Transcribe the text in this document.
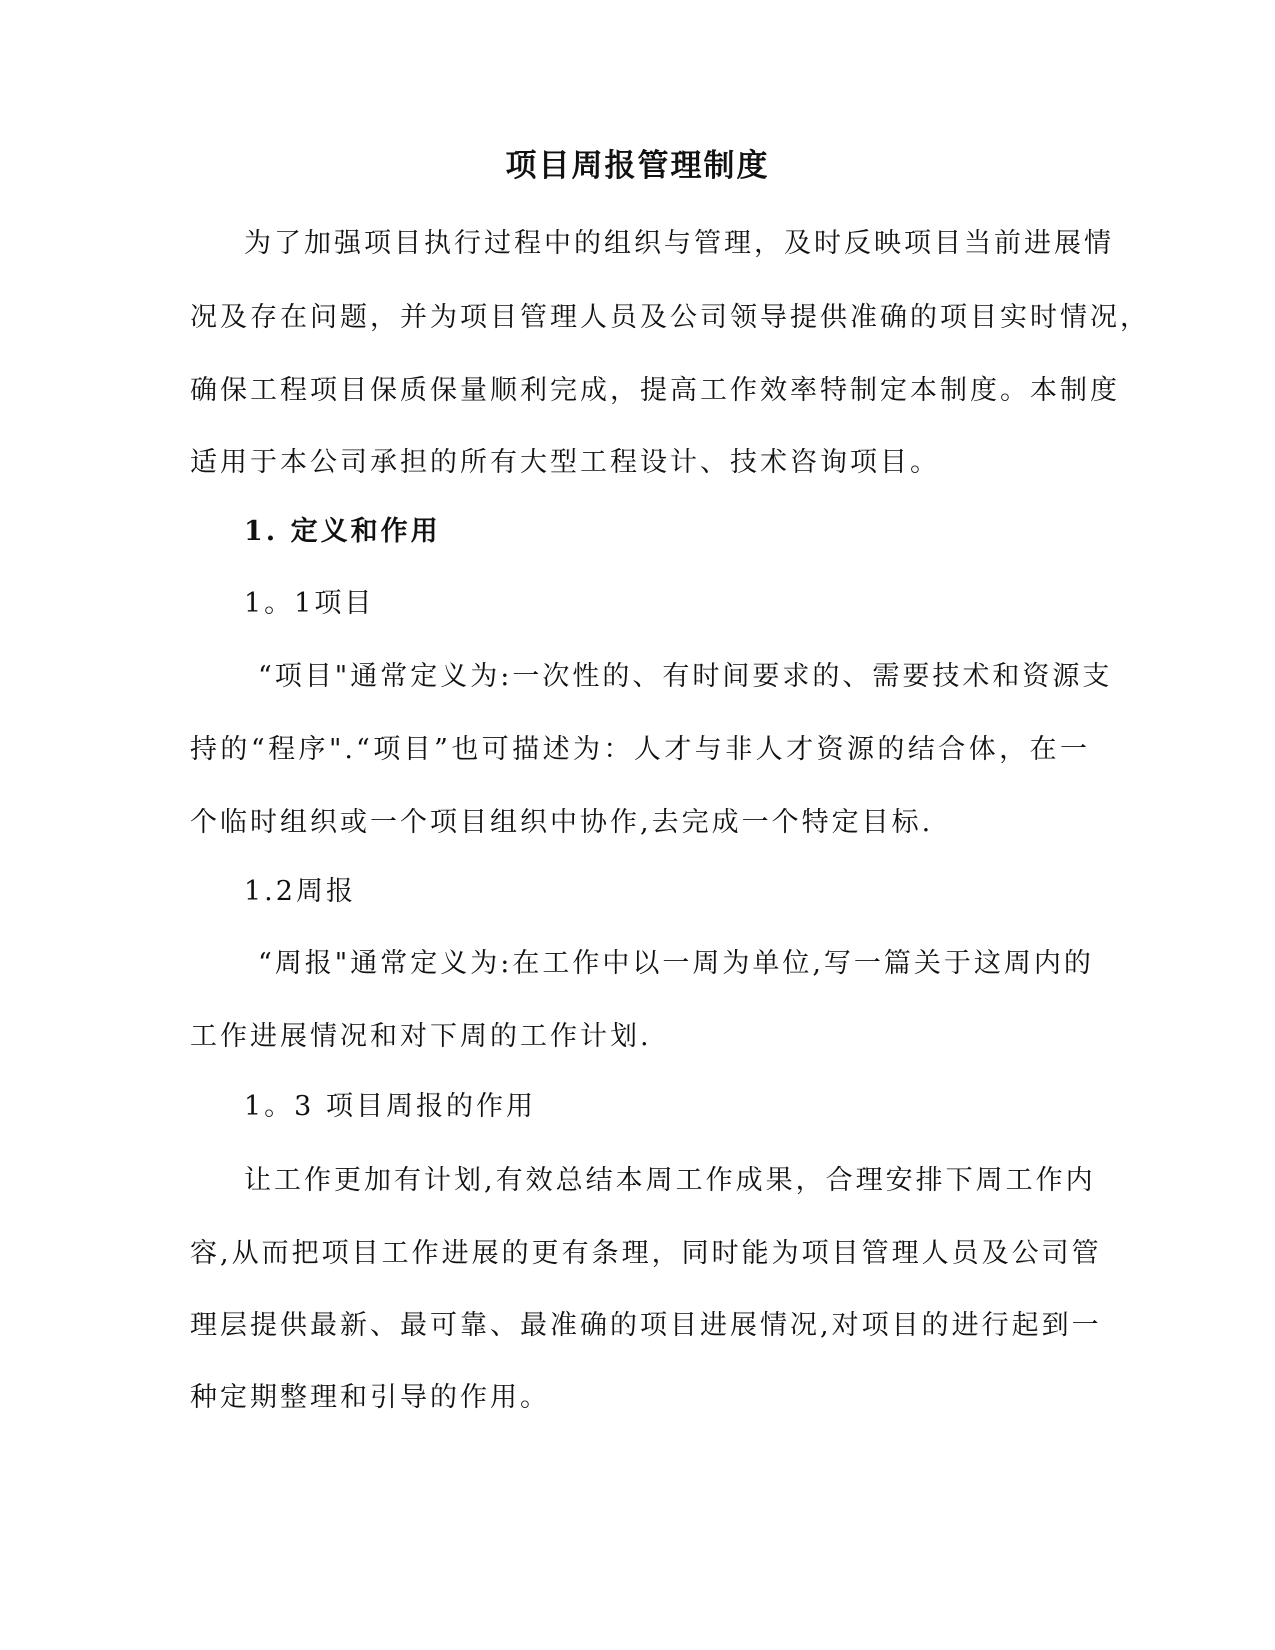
项目周报管理制度
为了加强项目执行过程中的组织与管理，及时反映项目当前进展情
况及存在问题，并为项目管理人员及公司领导提供准确的项目实时情况，
确保工程项目保质保量顺利完成，提高工作效率特制定本制度。本制度
适用于本公司承担的所有大型工程设计、技术咨询项目。
1. 定义和作用
1。1项目
“项目"通常定义为:一次性的、有时间要求的、需要技术和资源支
持的“程序".“项目”也可描述为：人才与非人才资源的结合体，在一
个临时组织或一个项目组织中协作,去完成一个特定目标.
1.2周报
“周报"通常定义为:在工作中以一周为单位,写一篇关于这周内的
工作进展情况和对下周的工作计划.
1。3 项目周报的作用
让工作更加有计划,有效总结本周工作成果，合理安排下周工作内
容,从而把项目工作进展的更有条理，同时能为项目管理人员及公司管
理层提供最新、最可靠、最准确的项目进展情况,对项目的进行起到一
种定期整理和引导的作用。
